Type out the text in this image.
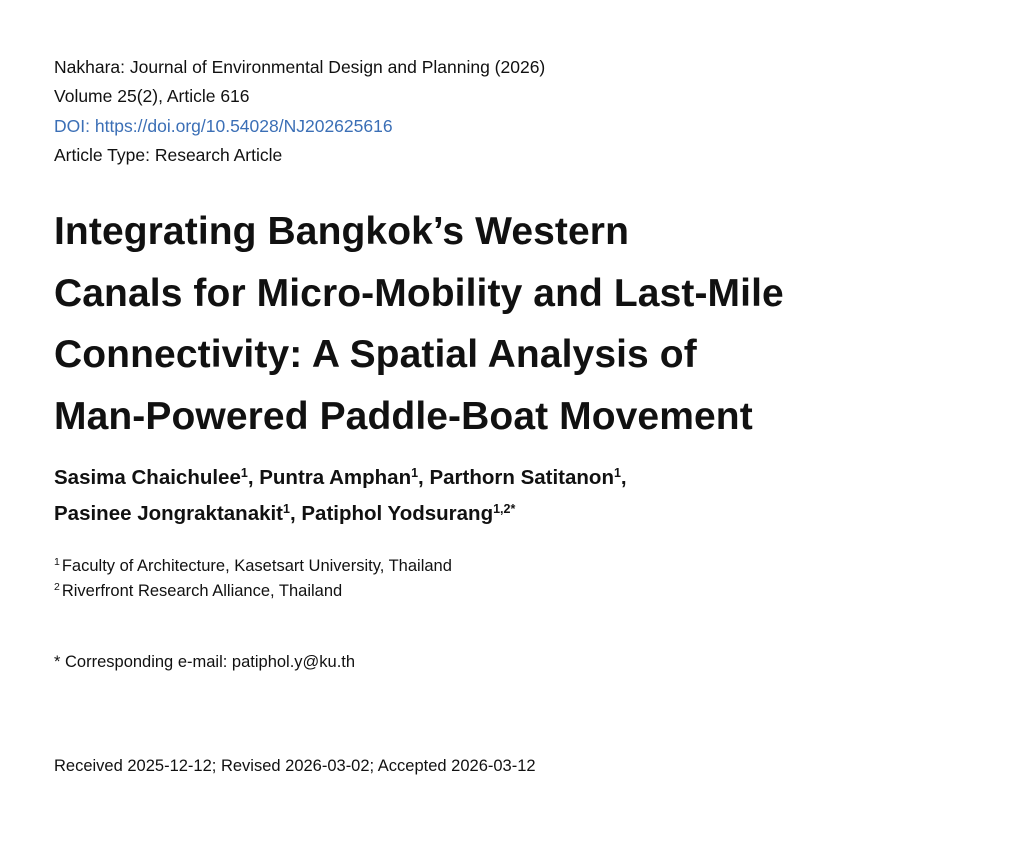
Nakhara: Journal of Environmental Design and Planning (2026)
Volume 25(2), Article 616
DOI: https://doi.org/10.54028/NJ202625616
Article Type: Research Article
Integrating Bangkok’s Western
Canals for Micro-Mobility and Last-Mile
Connectivity: A Spatial Analysis of
Man-Powered Paddle-Boat Movement
Sasima Chaichulee$^1$, Puntra Amphan$^1$, Parthorn Satitanon$^1$,
Pasinee Jongraktanakit$^1$, Patiphol Yodsurang$^{1,2*}$
$^1$ Faculty of Architecture, Kasetsart University, Thailand
$^2$ Riverfront Research Alliance, Thailand
* Corresponding e-mail: patiphol.y@ku.th
Received 2025-12-12; Revised 2026-03-02; Accepted 2026-03-12
